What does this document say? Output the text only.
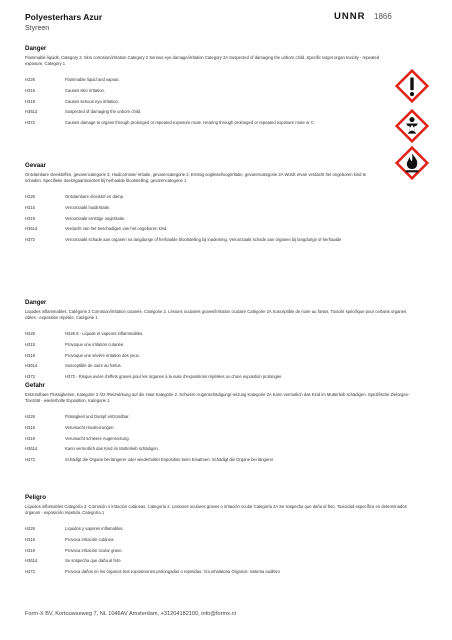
Polyesterhars Azur
Styreen
UNNR 1866
Danger
Flammable liquids, Category 3. Skin corrosion/irritation Category 2 Serious eye damage/irritation Category 2A Suspected of damaging the unborn child. Specific target organ toxicity - repeated exposure, Category 1
H226	Flammable liquid and vapour.
H315	Causes skin irritation.
H319	Causes serious eye irritation.
H361d	Suspected of damaging the unborn child.
H372	Causes damage to organs through prolonged or repeated exposure route. Hearing through prolonged or repeated exposure route or C
Gevaar
Ontvlambare vloeistoffen, gevarencategorie 3, Huidcorrosie/-irritatie, gevarencategorie 2, Ernstig oogletsel/oogirritatie, gevarencategorie 2A Wordt ervan verdacht het ongeboren kind te schaden. Specifieke doelorgaantoxiciteit bij herhaalde blootstelling, gevarencategorie 1
H226	Ontvlambare vloeistof en damp.
H315	Veroorzaakt huidirritatie.
H319	Veroorzaakt ernstige oogirritatie.
H361d	Verdacht van het beschadigen van het ongeboren kind.
H372	Veroorzaakt schade aan organen na langdurige of herhaalde blootstelling bij inademing. Veroorzaakt schade aan organen bij langdurige of herhaalde
Danger
Liquides inflammables, Catégorie 3 Corrosion/irritation cutanée, Catégorie 2. Lésions oculaires graves/irritation oculaire Catégorie 2A Susceptible de nuire au fœtus. Toxicité spécifique pour certains organes cibles - exposition répétée, Catégorie 1
H226	H226 8 - Liquide et vapeurs inflammables.
H315	Provoque une irritation cutanée.
H319	Provoque une sévère irritation des yeux.
H361d	Susceptible de nuire au fœtus.
H372	H372 - Risque avéré d'effets graves pour les organes à la suite d'expositions répétées ou d'une exposition prolongée
Gefahr
Entzündbare Flüssigkeiten, Kategorie 3 Ätz-/Reizwirkung auf die Haut Kategorie 2. Schwere Augenschädigung/-reizung Kategorie 2A Kann vermutlich das Kind im Mutterleib schädigen. Spezifische Zielorgan-Toxizität - wiederholte Exposition, Kategorie 1
H226	Flüssigkeit und Dampf entzündbar.
H315	Verursacht Hautreizungen.
H319	Verursacht schwere Augenreizung.
H361d	Kann vermutlich das Kind im Mutterleib schädigen.
H372	Schädigt die Organe bei längerer oder wiederholter Exposition beim Einatmen. Schädigt die Organe bei längerer
Peligro
Líquidos inflamables Categoría 3. Corrosión o irritación cutáneas, Categoría 2. Lesiones oculares graves o irritación ocular Categoría 2A Se sospecha que daña al feto. Toxicidad específica en determinados órganos - exposición repetida. Categoría 1
H226	Líquidos y vapores inflamables.
H315	Provoca irritación cutánea.
H319	Provoca irritación ocular grave.
H361d	Se sospecha que daña al feto.
H372	Provoca daños en los órganos tras exposiciones prolongadas o repetidas. Vía inhalatoria Órganos: sistema auditivo
Form-X BV, Kortouwseweg 7, NL 1046AV Amsterdam, +31204182100, info@formx.nl
